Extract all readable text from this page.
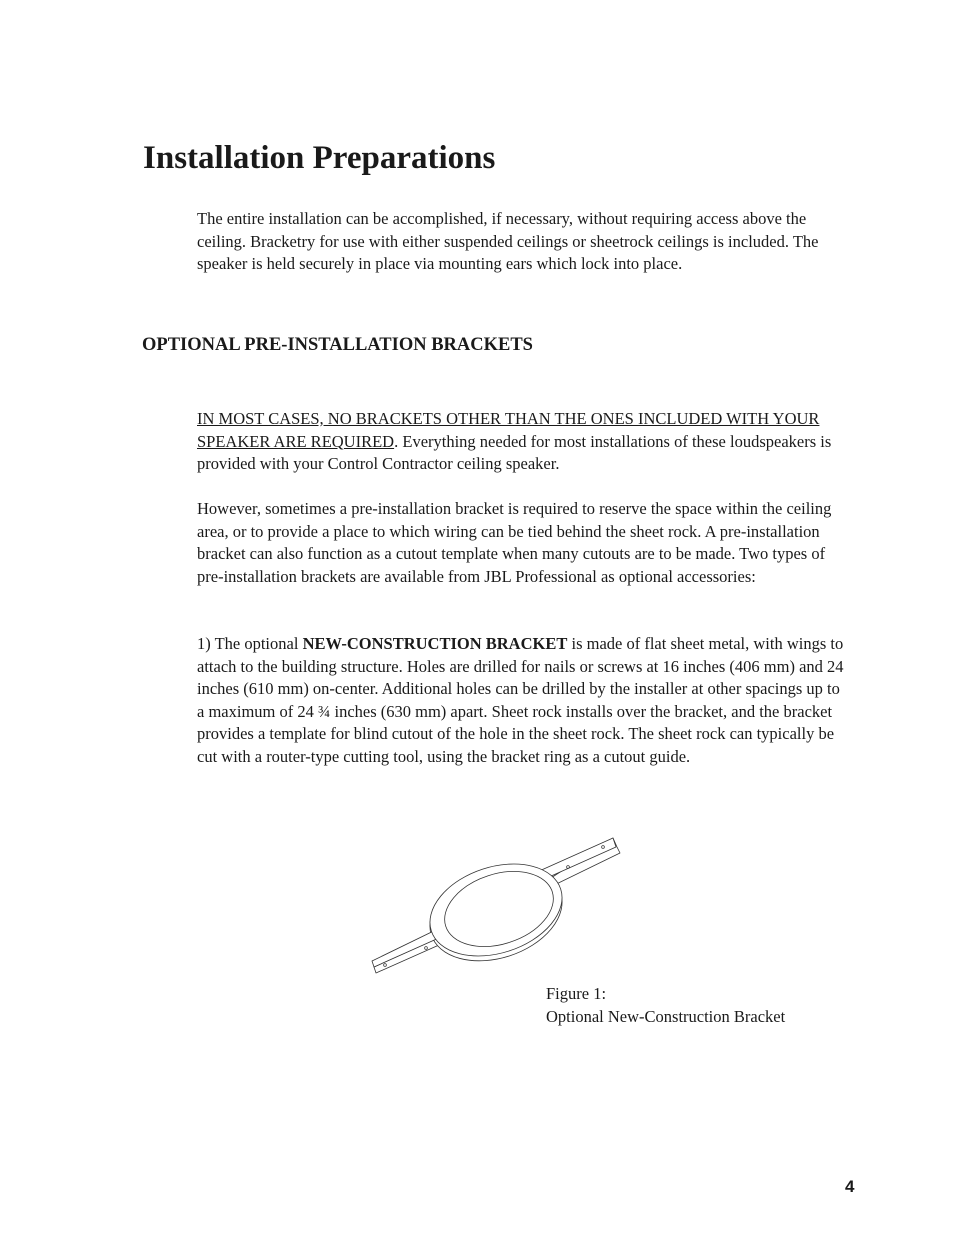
Installation Preparations

The entire installation can be accomplished, if necessary, without requiring access above the ceiling. Bracketry for use with either suspended ceilings or sheetrock ceilings is included. The speaker is held securely in place via mounting ears which lock into place.

OPTIONAL PRE-INSTALLATION BRACKETS

IN MOST CASES, NO BRACKETS OTHER THAN THE ONES INCLUDED WITH YOUR SPEAKER ARE REQUIRED. Everything needed for most installations of these loudspeakers is provided with your Control Contractor ceiling speaker.

However, sometimes a pre-installation bracket is required to reserve the space within the ceiling area, or to provide a place to which wiring can be tied behind the sheet rock. A pre-installation bracket can also function as a cutout template when many cutouts are to be made. Two types of pre-installation brackets are available from JBL Professional as optional accessories:

1) The optional NEW-CONSTRUCTION BRACKET is made of flat sheet metal, with wings to attach to the building structure. Holes are drilled for nails or screws at 16 inches (406 mm) and 24 inches (610 mm) on-center. Additional holes can be drilled by the installer at other spacings up to a maximum of 24 ¾ inches (630 mm) apart. Sheet rock installs over the bracket, and the bracket provides a template for blind cutout of the hole in the sheet rock. The sheet rock can typically be cut with a router-type cutting tool, using the bracket ring as a cutout guide.

Figure 1:
Optional New-Construction Bracket

4
